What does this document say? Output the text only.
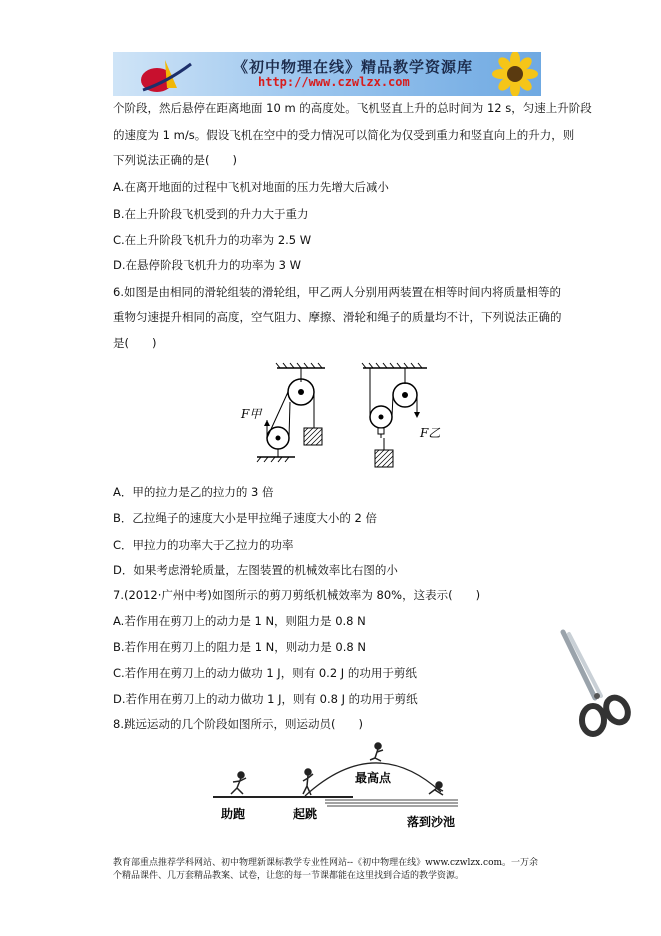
《初中物理在线》精品教学资源库
http://www.czwlzx.com
个阶段，然后悬停在距离地面 10 m 的高度处。飞机竖直上升的总时间为 12 s，匀速上升阶段
的速度为 1 m/s。假设飞机在空中的受力情况可以简化为仅受到重力和竖直向上的升力，则
下列说法正确的是(　　)
A.在离开地面的过程中飞机对地面的压力先增大后减小
B.在上升阶段飞机受到的升力大于重力
C.在上升阶段飞机升力的功率为 2.5 W
D.在悬停阶段飞机升力的功率为 3 W
6.如图是由相同的滑轮组装的滑轮组，甲乙两人分别用两装置在相等时间内将质量相等的
重物匀速提升相同的高度，空气阻力、摩擦、滑轮和绳子的质量均不计，下列说法正确的
是(　　)
F甲
F乙
A．甲的拉力是乙的拉力的 3 倍
B．乙拉绳子的速度大小是甲拉绳子速度大小的 2 倍
C．甲拉力的功率大于乙拉力的功率
D．如果考虑滑轮质量，左图装置的机械效率比右图的小
7.(2012·广州中考)如图所示的剪刀剪纸机械效率为 80%，这表示(　　)
A.若作用在剪刀上的动力是 1 N，则阻力是 0.8 N
B.若作用在剪刀上的阻力是 1 N，则动力是 0.8 N
C.若作用在剪刀上的动力做功 1 J，则有 0.2 J 的功用于剪纸
D.若作用在剪刀上的动力做功 1 J，则有 0.8 J 的功用于剪纸
8.跳远运动的几个阶段如图所示，则运动员(　　)
助跑	起跳
最高点
落到沙池
教育部重点推荐学科网站、初中物理新课标教学专业性网站--《初中物理在线》www.czwlzx.com。一万余
个精品课件、几万套精品教案、试卷，让您的每一节课都能在这里找到合适的教学资源。
